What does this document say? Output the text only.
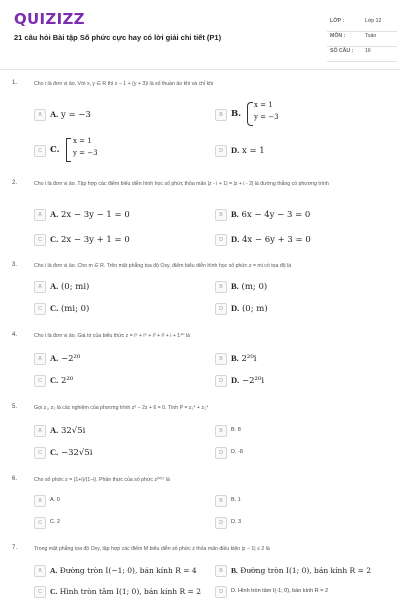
QUIZIZZ
21 câu hỏi Bài tập Số phức cực hay có lời giải chi tiết (P1)
LỚP :	Lớp 12
MÔN :	Toán
SỐ CÂU : 16
1.	Cho i là đơn vị ảo. Với x, y ∈ R thì x − 1 + (y + 3)i là số thuần ảo khi và chỉ khi
A A. y = −3	B B.
x = 1
y = −3
C C.
x = 1
y = −3	D D. x = 1
2.	Cho i là đơn vị ảo. Tập hợp các điểm biểu diễn hình học số phức thỏa mãn |z - i + 1| = |z + i - 2| là đường thẳng có phương trình
A A. 2x − 3y − 1 = 0	B B. 6x − 4y − 3 = 0
C C. 2x − 3y + 1 = 0	D D. 4x − 6y + 3 = 0
3.	Cho i là đơn vị ảo. Cho m ∈ R. Trên mặt phẳng tọa độ Oxy, điểm biểu diễn hình học số phức z = mi có tọa độ là
A A. (0; mi)	B B. (m; 0)
C C. (mi; 0)	D D. (0; m)
4.	Cho i là đơn vị ảo. Giá trị của biểu thức z = i⁵ + i⁴ + i³ + i² + i + 1⁴⁰ là
A A. −2²⁰	B B. 2²⁰i
C C. 2²⁰	D D. −2²⁰i
5.	Gọi z₁, z₂ là các nghiệm của phương trình z² − 2z + 6 = 0. Tính P = z₁⁴ + z₂⁴
A A. 32√5i	B	B. 8
C C. −32√5i	D	D. -8
6.	Cho số phức z = (1+i)/(1−i). Phần thực của số phức z²⁰¹⁷ là
A	A. 0	B	B. 1
C	C. 2	D	D. 3
7.	Trong mặt phẳng tọa độ Oxy, tập hợp các điểm M biểu diễn số phức z thỏa mãn điều kiện |z − 1| ≤ 2 là
A	A. Đường tròn I(−1; 0), bán kính R = 4	B	B. Đường tròn I(1; 0), bán kính R = 2
C	C. Hình tròn tâm I(1; 0), bán kính R = 2	D	D. Hình tròn tâm I(-1; 0), bán kính R = 2
